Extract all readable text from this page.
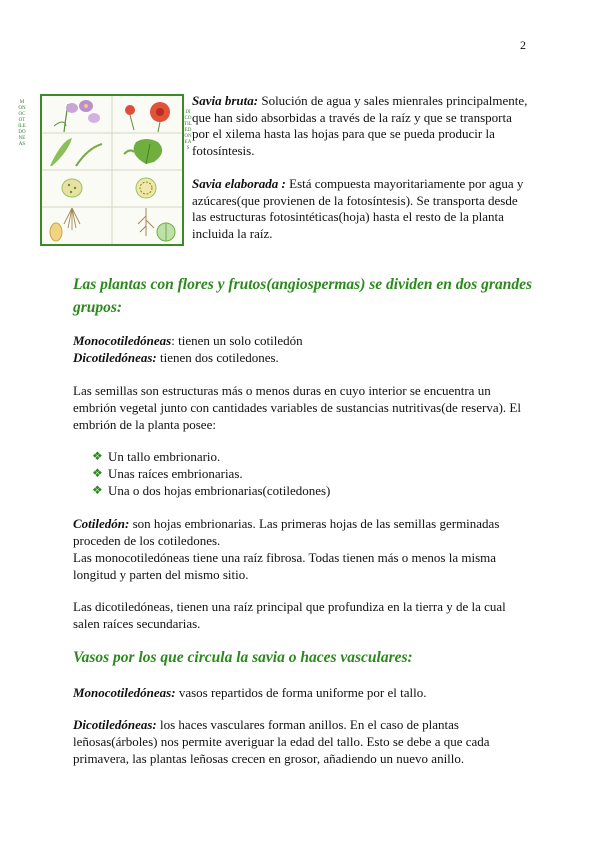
2
MONOCOTILEDONEAS
DICOTILEDONEAS
Savia bruta: Solución de agua y sales mienrales principalmente, que han sido absorbidas a través de la raíz y que se transporta por el xilema hasta las hojas para que se pueda producir la fotosíntesis.
Savia elaborada : Está compuesta mayoritariamente por agua y azúcares(que provienen de la fotosíntesis). Se transporta desde las estructuras fotosintéticas(hoja) hasta el resto de la planta incluida la raíz.
Las plantas con flores y frutos(angiospermas) se dividen en dos grandes grupos:
Monocotiledóneas: tienen un solo cotiledón
Dicotiledóneas: tienen dos cotiledones.
Las semillas son estructuras más o menos duras en cuyo interior se encuentra un embrión vegetal junto con cantidades variables de sustancias nutritivas(de reserva). El embrión de la planta posee:
❖ Un tallo embrionario.
❖ Unas raíces embrionarias.
❖ Una o dos hojas embrionarias(cotiledones)
Cotiledón: son hojas embrionarias. Las primeras hojas de las semillas germinadas proceden de los cotiledones.
Las monocotiledóneas tiene una raíz fibrosa. Todas tienen más o menos la misma longitud y parten del mismo sitio.
Las dicotiledóneas, tienen una raíz principal que profundiza en la tierra y de la cual salen raíces secundarias.
Vasos por los que circula la savia o haces vasculares:
Monocotiledóneas: vasos repartidos de forma uniforme por el tallo.
Dicotiledóneas: los haces vasculares forman anillos. En el caso de plantas leñosas(árboles) nos permite averiguar la edad del tallo. Esto se debe a que cada primavera, las plantas leñosas crecen en grosor, añadiendo un nuevo anillo.
